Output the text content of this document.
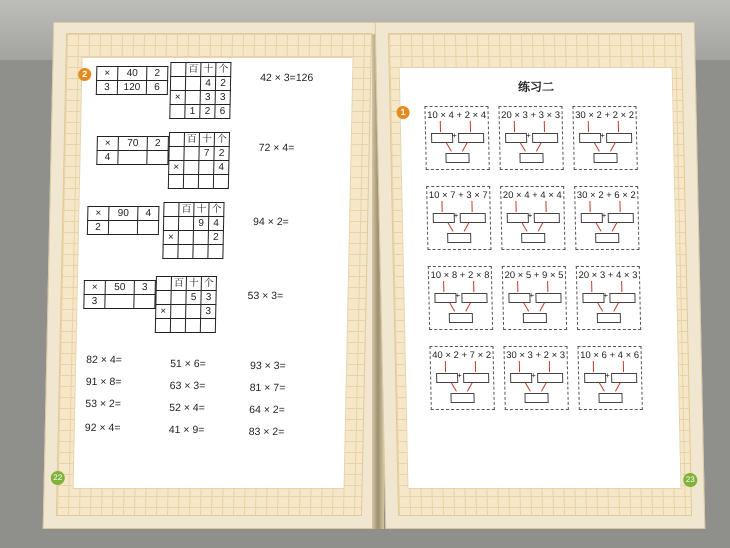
2	×	40	2
3	120	6
	百	十	个
		4	2
×		3	3
	1	2	6
42 × 3=126
×	70	2
4		
	百	十	个
		7	2
×			4

72 × 4=
×	90	4
2		
	百	十	个
		9	4
×			2

94 × 2=
×	50	3
3		
	百	十	个
		5	3
×			3

53 × 3=
82 × 4=
91 × 8=
53 × 2=
92 × 4=
51 × 6=
63 × 3=
52 × 4=
41 × 9=
93 × 3=
81 × 7=
64 × 2=
83 × 2=
22
练习二
1	10 × 4 + 2 × 4
+
20 × 3 + 3 × 3
+
30 × 2 + 2 × 2
+
10 × 7 + 3 × 7
+
20 × 4 + 4 × 4
+
30 × 2 + 6 × 2
+
10 × 8 + 2 × 8
+
20 × 5 + 9 × 5
+
20 × 3 + 4 × 3
+
40 × 2 + 7 × 2
+
30 × 3 + 2 × 3
+
10 × 6 + 4 × 6
+
23
